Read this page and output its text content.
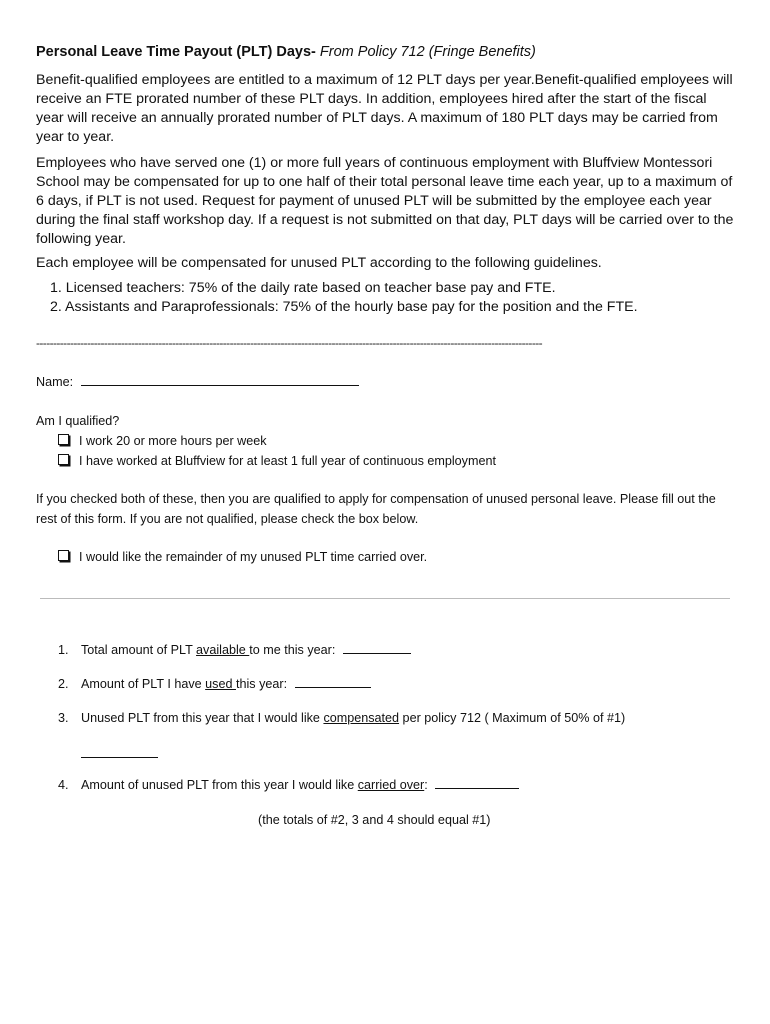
Personal Leave Time Payout (PLT) Days- From Policy 712 (Fringe Benefits)
Benefit-qualified employees are entitled to a maximum of 12 PLT days per year.Benefit-qualified employees will receive an FTE prorated number of these PLT days. In addition, employees hired after the start of the fiscal year will receive an annually prorated number of PLT days. A maximum of 180 PLT days may be carried from year to year.
Employees who have served one (1) or more full years of continuous employment with Bluffview Montessori School may be compensated for up to one half of their total personal leave time each year, up to a maximum of 6 days, if PLT is not used. Request for payment of unused PLT will be submitted by the employee each year during the final staff workshop day. If a request is not submitted on that day, PLT days will be carried over to the following year.
Each employee will be compensated for unused PLT according to the following guidelines.
1. Licensed teachers: 75% of the daily rate based on teacher base pay and FTE.
2. Assistants and Paraprofessionals: 75% of the hourly base pay for the position and the FTE.
-----------------------------------------------------------------------------------------------------------------------------------------------------
Name:
Am I qualified?
I work 20 or more hours per week
I have worked at Bluffview for at least 1 full year of continuous employment
If you checked both of these, then you are qualified to apply for compensation of unused personal leave. Please fill out the rest of this form. If you are not qualified, please check the box below.
I would like the remainder of my unused PLT time carried over.
1. Total amount of PLT available to me this year:
2. Amount of PLT I have used this year:
3. Unused PLT from this year that I would like compensated per policy 712 ( Maximum of 50% of #1)
4. Amount of unused PLT from this year I would like carried over:
(the totals of #2, 3 and 4 should equal #1)
